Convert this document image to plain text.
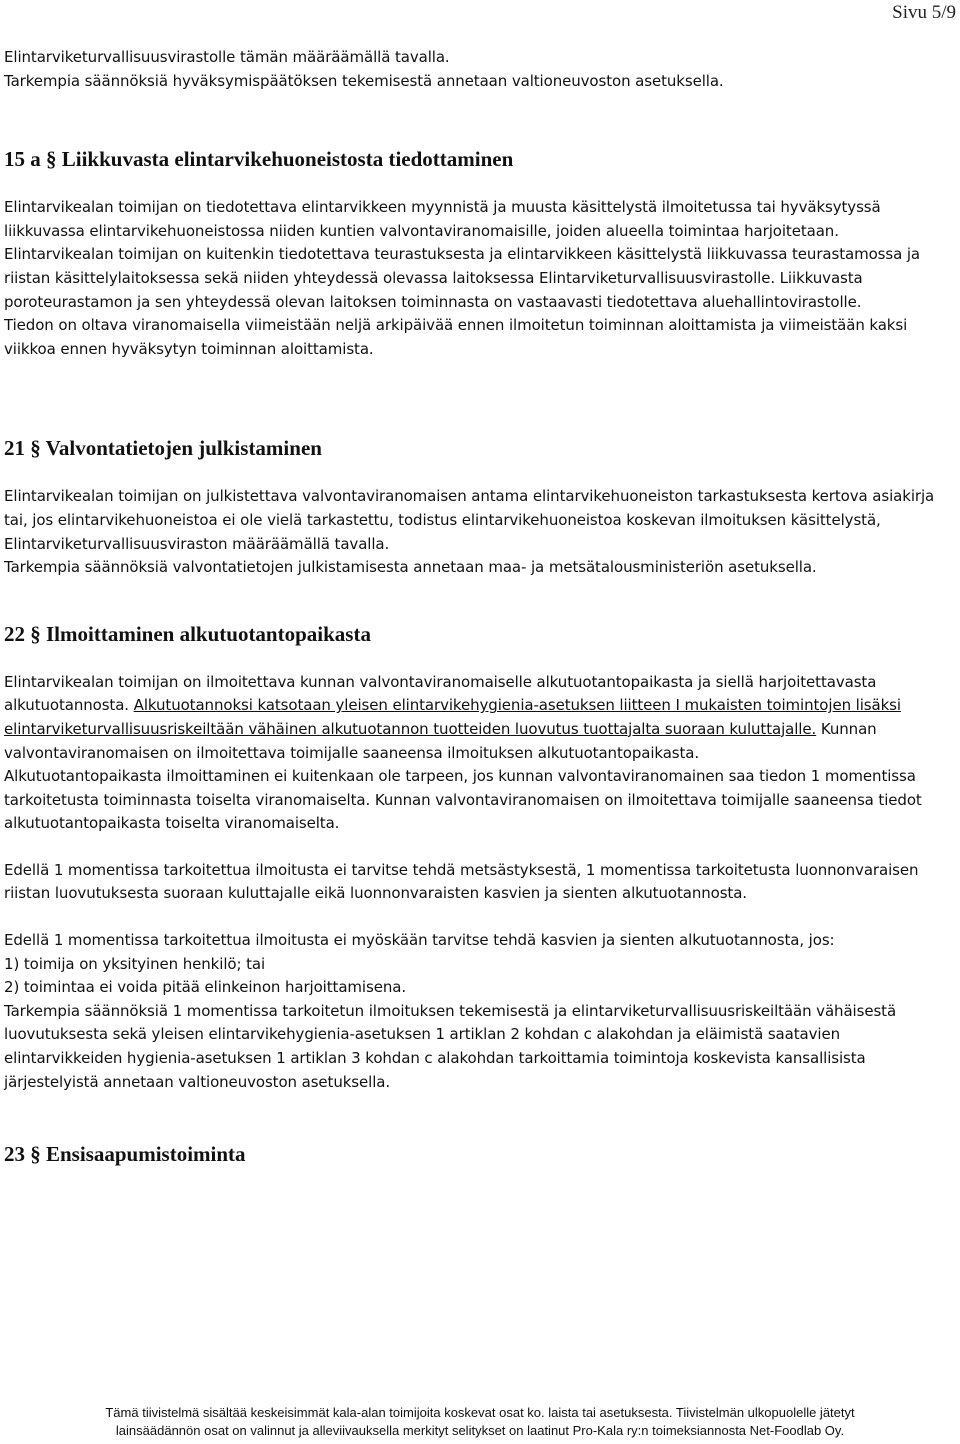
Sivu 5/9

Elintarviketurvallisuusvirastolle tämän määräämällä tavalla.

Tarkempia säännöksiä hyväksymispäätöksen tekemisestä annetaan valtioneuvoston asetuksella.

15 a § Liikkuvasta elintarvikehuoneistosta tiedottaminen

Elintarvikealan toimijan on tiedotettava elintarvikkeen myynnistä ja muusta käsittelystä ilmoitetussa tai hyväksytyssä liikkuvassa elintarvikehuoneistossa niiden kuntien valvontaviranomaisille, joiden alueella toimintaa harjoitetaan.

Elintarvikealan toimijan on kuitenkin tiedotettava teurastuksesta ja elintarvikkeen käsittelystä liikkuvassa teurastamossa ja riistan käsittelylaitoksessa sekä niiden yhteydessä olevassa laitoksessa Elintarviketurvallisuusvirastolle. Liikkuvasta poroteurastamon ja sen yhteydessä olevan laitoksen toiminnasta on vastaavasti tiedotettava aluehallintovirastolle.

Tiedon on oltava viranomaisella viimeistään neljä arkipäivää ennen ilmoitetun toiminnan aloittamista ja viimeistään kaksi viikkoa ennen hyväksytyn toiminnan aloittamista.

21 § Valvontatietojen julkistaminen

Elintarvikealan toimijan on julkistettava valvontaviranomaisen antama elintarvikehuoneiston tarkastuksesta kertova asiakirja tai, jos elintarvikehuoneistoa ei ole vielä tarkastettu, todistus elintarvikehuoneistoa koskevan ilmoituksen käsittelystä, Elintarviketurvallisuusviraston määräämällä tavalla.

Tarkempia säännöksiä valvontatietojen julkistamisesta annetaan maa- ja metsätalousministeriön asetuksella.

22 § Ilmoittaminen alkutuotantopaikasta

Elintarvikealan toimijan on ilmoitettava kunnan valvontaviranomaiselle alkutuotantopaikasta ja siellä harjoitettavasta alkutuotannosta. Alkutuotannoksi katsotaan yleisen elintarvikehygienia-asetuksen liitteen I mukaisten toimintojen lisäksi elintarviketurvallisuusriskeiltään vähäinen alkutuotannon tuotteiden luovutus tuottajalta suoraan kuluttajalle. Kunnan valvontaviranomaisen on ilmoitettava toimijalle saaneensa ilmoituksen alkutuotantopaikasta.

Alkutuotantopaikasta ilmoittaminen ei kuitenkaan ole tarpeen, jos kunnan valvontaviranomainen saa tiedon 1 momentissa tarkoitetusta toiminnasta toiselta viranomaiselta. Kunnan valvontaviranomaisen on ilmoitettava toimijalle saaneensa tiedot alkutuotantopaikasta toiselta viranomaiselta.

Edellä 1 momentissa tarkoitettua ilmoitusta ei tarvitse tehdä metsästyksestä, 1 momentissa tarkoitetusta luonnonvaraisen riistan luovutuksesta suoraan kuluttajalle eikä luonnonvaraisten kasvien ja sienten alkutuotannosta.

Edellä 1 momentissa tarkoitettua ilmoitusta ei myöskään tarvitse tehdä kasvien ja sienten alkutuotannosta, jos:

1) toimija on yksityinen henkilö; tai

2) toimintaa ei voida pitää elinkeinon harjoittamisena.

Tarkempia säännöksiä 1 momentissa tarkoitetun ilmoituksen tekemisestä ja elintarviketurvallisuusriskeiltään vähäisestä luovutuksesta sekä yleisen elintarvikehygienia-asetuksen 1 artiklan 2 kohdan c alakohdan ja eläimistä saatavien elintarvikkeiden hygienia-asetuksen 1 artiklan 3 kohdan c alakohdan tarkoittamia toimintoja koskevista kansallisista järjestelyistä annetaan valtioneuvoston asetuksella.

23 § Ensisaapumistoiminta
Tämä tiivistelmä sisältää keskeisimmät kala-alan toimijoita koskevat osat ko. laista tai asetuksesta. Tiivistelmän ulkopuolelle jätetyt
lainsäädännön osat on valinnut ja alleviivauksella merkityt selitykset on laatinut Pro-Kala ry:n toimeksiannosta Net-Foodlab Oy.
